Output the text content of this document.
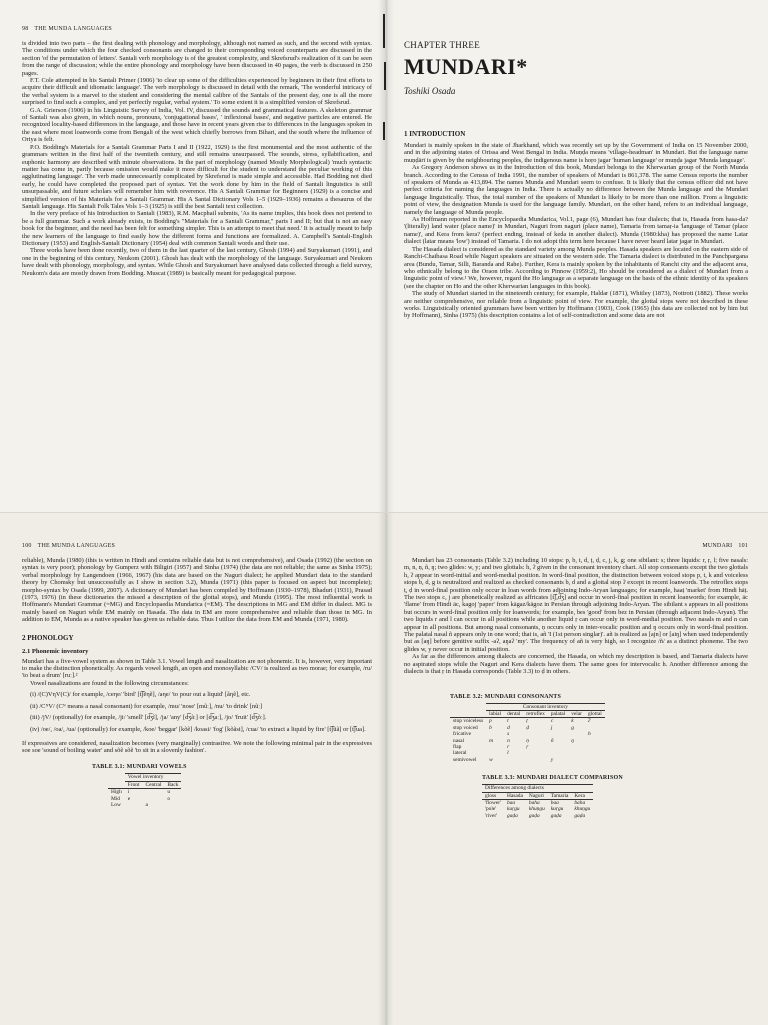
98 THE MUNDA LANGUAGES

is divided into two parts – the first dealing with phonology and morphology, although not named as such, and the second with syntax. The conditions under which the four checked consonants are changed to their corresponding voiced counterparts are discussed in the section 'of the permutation of letters'. Santali verb morphology is of the greatest complexity, and Skrefsrud's realization of it can be seen from the range of discussion; while the entire phonology and morphology have been discussed in 40 pages, the verb is discussed in 250 pages.

F.T. Cole attempted in his Santali Primer (1906) 'to clear up some of the difficulties experienced by beginners in their first efforts to acquire their difficult and idiomatic language'. The verb morphology is discussed in detail with the remark, 'The wonderful intricacy of the verbal system is a marvel to the student and considering the mental calibre of the Santals of the present day, one is all the more surprised to find such a complex, and yet perfectly regular, verbal system.' To some extent it is a simplified version of Skrefsrud.

G.A. Grierson (1906) in his Linguistic Survey of India, Vol. IV, discussed the sounds and grammatical features. A skeleton grammar of Santali was also given, in which nouns, pronouns, 'conjugational bases', ' inflexional bases', and negative particles are entered. He recognized locality-based differences in the language, and those have in recent years given rise to differences in the languages spoken in the east where most loanwords come from Bengali of the west which chiefly borrows from Bihari, and the south where the influence of Oriya is felt.

P.O. Bodding's Materials for a Santali Grammar Parts I and II (1922, 1929) is the first monumental and the most authentic of the grammars written in the first half of the twentieth century, and still remains unsurpassed. The sounds, stress, syllabification, and euphonic harmony are described with minute observations. In the part of morphology (named Mostly Morphological) 'much syntactic matter has come in, partly because omission would make it more difficult for the student to understand the peculiar working of this agglutinating language'. The verb made unnecessarily complicated by Skrefsrud is made simple and accessible. Had Bodding not died early, he could have completed the proposed part of syntax. Yet the work done by him in the field of Santali linguistics is still unsurpassable, and future scholars will remember him with reverence. His A Santali Grammar for Beginners (1929) is a concise and simplified version of his Materials for a Santali Grammar. His A Santal Dictionary Vols 1–5 (1929–1936) remains a thesaurus of the Santali language. His Santali Folk Tales Vols 1–3 (1925) is still the best Santali text collection.

In the very preface of his Introduction to Santali (1983), R.M. Macphail submits, 'As its name implies, this book does not pretend to be a full grammar. Such a work already exists, in Bodding's "Materials for a Santali Grammar," parts I and II; but that is not an easy book for the beginner, and the need has been felt for something simpler. This is an attempt to meet that need.' It is actually meant to help the new learners of the language to find easily how the different forms and functions are formalized. A. Campbell's Santali-English Dictionary (1953) and English-Santali Dictionary (1954) deal with common Santali words and their use.

Three works have been done recently, two of them in the last quarter of the last century, Ghosh (1994) and Suryakumari (1991), and one in the beginning of this century, Neukom (2001). Ghosh has dealt with the morphology of the language. Suryakumari and Neukom have dealt with phonology, morphology, and syntax. While Ghosh and Suryakumari have analysed data collected through a field survey, Neukom's data are mostly drawn from Bodding. Muscat (1989) is basically meant for pedagogical purpose.

CHAPTER THREE
MUNDARI*
Toshiki Osada
1 INTRODUCTION

Mundari is mainly spoken in the state of Jharkhand, which was recently set up by the Government of India on 15 November 2000, and in the adjoining states of Orissa and West Bengal in India. Muṇḍa means 'village-headman' in Mundari. But the language name muṇḍārī is given by the neighbouring peoples, the indigenous name is hoṛo jagar 'human language' or muṇḍa jagar 'Munda language'.

As Gregory Anderson shows us in the Introduction of this book, Mundari belongs to the Kherwarian group of the North Munda branch. According to the Census of India 1991, the number of speakers of Mundari is 861,378. The same Census reports the number of speakers of Munda as 413,894. The names Munda and Mundari seem to confuse. It is likely that the census officer did not have perfect criteria for naming the languages in India. There is actually no difference between the Munda language and the Mundari language linguistically. Thus, the total number of the speakers of Mundari is likely to be more than one million. From a linguistic point of view, the designation Munda is used for the language family. Mundari, on the other hand, refers to an individual language, namely the language of Munda people.

As Hoffmann reported in the Encyclopaedia Mundarica, Vol.1, page (6), Mundari has four dialects; that is, Hasada from hasa-da? '(literally) land water (place name)' in Mundari, Naguri from naguri (place name), Tamaria from tamaṛ-ia 'language of Tamar (place name)', and Kera from kera? (perfect ending, instead of keda in another dialect). Munda (1980:kha) has proposed the name Latar dialect (latar means 'low') instead of Tamaria. I do not adopt this term here because I have never heard latar jagar in Mundari.

The Hasada dialect is considered as the standard variety among Munda peoples. Hasada speakers are located on the eastern side of Ranchi-Chaibasa Road while Naguri speakers are situated on the western side. The Tamaria dialect is distributed in the Panchpargana area (Bundu, Tamar, Silli, Baranda and Rahe). Further, Kera is mainly spoken by the inhabitants of Ranchi city and the adjacent area, who ethnically belong to the Oraon tribe. According to Pinnow (1959:2), Ho should be considered as a dialect of Mundari from a linguistic point of view.¹ We, however, regard the Ho language as a separate language on the basis of the ethnic identity of its speakers (see the chapter on Ho and the other Kherwarian languages in this book).

The study of Mundari started in the nineteenth century; for example, Haldar (1871), Whitley (1873), Nottrott (1882). These works are neither comprehensive, nor reliable from a linguistic point of view. For example, the glottal stops were not described in these works. Linguistically oriented grammars have been written by Hoffmann (1903), Cook (1965) (his data are collected not by him but by Hoffmann), Sinha (1975) (his description contains a lot of self-contradiction and some data are not

100 THE MUNDA LANGUAGES

reliable), Munda (1980) (this is written in Hindi and contains reliable data but is not comprehensive), and Osada (1992) (the section on syntax is very poor); phonology by Gumperz with Biligiri (1957) and Sinha (1974) (the data are not reliable; the same as Sinha 1975); verbal morphology by Langendoen (1966, 1967) (his data are based on the Naguri dialect; he applied Mundari data to the standard theory by Chomsky but unsuccessfully as I show in section 3.2), Munda (1971) (this paper is focused on aspect but incomplete); morpho-syntax by Osada (1999, 2007). A dictionary of Mundari has been compiled by Hoffmann (1930–1978), Bhaduri (1931), Prasad (1973, 1976) (in these dictionaries the missed a description of the glottal stops), and Mundu (1995). The most influential work is Hoffmann's Mundari Grammar (=MG) and Encyclopaedia Mundarica (=EM). The descriptions in MG and EM differ in dialect. MG is mainly based on Naguri while EM mainly on Hasada. The data in EM are more comprehensive and reliable than those in MG. In addition to EM, Munda as a native speaker has given us reliable data. Thus I utilize the data from EM and Munda (1971, 1980).

2 PHONOLOGY
2.1 Phonemic inventory

Mundari has a five-vowel system as shown in Table 3.1. Vowel length and nasalization are not phonemic. It is, however, very important to make the distinction phonetically. As regards vowel length, an open and monosyllabic /CV/ is realized as two morae; for example, /ru/ 'to beat a drum' [ruː].²

Vowel nasalizations are found in the following circumstances:

(i) /(C)VηV(C)/ for example, /ceηe/ 'bird' [t͡ʃẽηẽ], /aηe/ 'to pour out a liquid' [ãηẽ], etc.
(ii) /CᴺV/ (Cᴺ means a nasal consonant) for example, /mu/ 'nose' [mũː], /nu/ 'to drink' [nũː]
(iii) /jV/ (optionally) for example, /ji/ 'smell' [d͡ʒĩ], /ja/ 'any' [d͡ʒãː] or [d͡ʒaː], /jo/ 'fruit' [d͡ʒõː].
(iv) /oe/, /oa/, /ua/ (optionally) for example, /koe/ 'beggar' [kõẽ] /koasi/ 'fog' [kõãsi], /cua/ 'to extract a liquid by fire' [t͡ʃũã] or [t͡ʃua].

If expressives are considered, nasalization becomes (very marginally) contrastive. We note the following minimal pair in the expressives soe soe 'sound of boiling water' and sõẽ sõẽ 'to sit in a slovenly fashion'.

TABLE 3.1: MUNDARI VOWELS
	Vowel inventory		
	Front	Central	Back
High	i		u
Mid	e		o
Low		a	
MUNDARI 101

Mundari has 23 consonants (Table 3.2) including 10 stops: p, b, t, d, ṭ, ḍ, c, j, k, g; one sibilant: s; three liquids: r, ṛ, l; five nasals: m, n, ṇ, ñ, ŋ; two glides: w, y; and two glottals: h, ʔ given in the consonant inventory chart. All stop consonants except the two glottals h, ʔ appear in word-initial and word-medial position. In word-final position, the distinction between voiced stops p, t, k and voiceless stops b, d, g is neutralized and realized as checked consonants b, d and a glottal stop ʔ except in recent loanwords. The retroflex stops ṭ, ḍ in word-final position only occur in loan words from adjoining Indo-Aryan languages; for example, haaṭ 'market' from Hindi hāṭ. The two stops c, j are phonetically realized as affricates [t͡ʃ,d͡ʒ] and occur in word-final position in recent loanwords; for example, āc 'flame' from Hindi āc, kagoj 'paper' from kāgaz/kāgoz in Persian through adjoining Indo-Aryan. The sibilant s appears in all positions but occurs in word-final position only for loanwords; for example, bes 'good' from bez in Persian (through adjacent Indo-Aryan). The two liquids r and l can occur in all positions while another liquid ṛ can occur only in word-medial position. Two nasals m and n can appear in all positions. But among nasal consonants, ṇ occurs only in inter-vocalic position and ŋ occurs only in word-final position. The palatal nasal ñ appears only in one word; that is, añ 'I (1st person singlar)'. añ is realized as [ajn] or [aiŋ] when used independently but as [aŋ] before genitive suffix -aʔ, aŋaʔ 'my'. The frequency of añ is very high, so I recognize /ñ/ as a distinct phoneme. The two glides w, y never occur in initial position.

As far as the differences among dialects are concerned, the Hasada, on which my description is based, and Tamaria dialects have no aspirated stops while the Naguri and Kera dialects have them. The same goes for intervocalic h. Another difference among the dialects is that ṛ in Hasada corresponds (Table 3.3) to ḍ in others.

TABLE 3.2: MUNDARI CONSONANTS
	Consonant inventory					
	labial	dental	retroflex	palatal	velar	glottal
stop voiceless	p	t	ṭ	c	k	ʔ
stop voiced	b	d	ḍ	j	g	
fricative		s				h
nasal	m	n	ṇ	ñ	ŋ	
flap		r	ṛ			
lateral		l				
semivowel	w			y		
TABLE 3.3: MUNDARI DIALECT COMPARISON
Differences among dialects				
gloss	Hasada	Naguri	Tamaria	Kera
'flower'	baa	baha	baa	baha
'pole'	kuṛgu	khuṇgu	kuṛgu	khuṇgu
'river'	gaḍa	gaḍa	gaḍa	gaḍa
